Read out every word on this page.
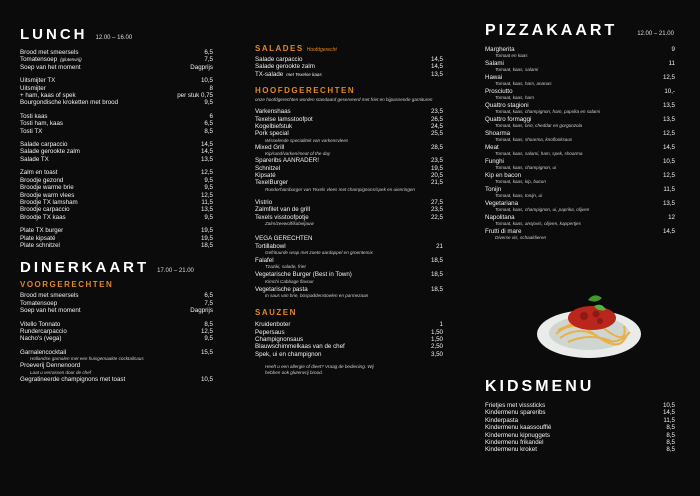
LUNCH 12.00 – 16.00
Brood met smeersels	6,5
Tomatensoep (glutenvrij)	7,5
Soep van het moment	Dagprijs
Uitsmijter TX	10,5
Uitsmijter	8
+ ham, kaas of spek	per stuk 0,75
Bourgondische kroketten met brood	9,5
Tosti kaas	6
Tosti ham, kaas	6,5
Tosti TX	8,5
Salade carpaccio	14,5
Salade gerookte zalm	14,5
Salade TX	13,5
Zalm en toast	12,5
Broodje gezond	9,5
Broodje warme brie	9,5
Broodje warm vlees	12,5
Broodje TX lamsham	11,5
Broodje carpaccio	13,5
Broodje TX kaas	9,5
Plate TX burger	19,5
Plate kipsaté	19,5
Plate schnitzel	18,5
DINERKAART 17.00 – 21.00
VOORGERECHTEN
Brood met smeersels	6,5
Tomatensoep	7,5
Soep van het moment	Dagprijs
Vitello Tonnato	8,5
Rundercarpaccio	12,5
Nacho's (vega)	9,5
Garnalencocktail	15,5
Hollandse garnalen met een huisgemaakte cocktailsaus
Proeverij Dennenoord
Laat u verrassen door de chef
Gegratineerde champignons met toast	10,5
SALADES Hoofdgerecht
Salade carpaccio	14,5
Salade gerookte zalm	14,5
TX-salade met Texelse kaas	13,5
HOOFDGERECHTEN
onze hoofdgerechten worden standaard geserveerd met friet en bijpassende garnituren
Varkenshaas	23,5
Texelse lamsstoofpot	26,5
Kogelbiefstuk	24,5
Pork special	25,5
Wisselende specialiteit van varkensvlees
Mixed Grill	28,5
Kip/rund/varken/meat of the day
Spareribs AANRADER!	23,5
Schnitzel	19,5
Kipsaté	20,5
TexelBurger	21,5
Runderhamburger van Texels vlees met champignons/spek en uienringen
Vistrio	27,5
Zalmfilet van de grill	23,5
Texels visstoofpotje	22,5
Zalm/zeewolf/kabeljauw
VEGA GERECHTEN
Tortillabowl	21
Gefrituurde wrap met zoete aardappel en groentemix
Falafel	18,5
Tzaziki, salade, friet
Vegetarische Burger (Best in Town)	18,5
Kimchi Cabbage flavour
Vegetarische pasta	18,5
In saus van brie, bospaddenstoelen en parmezaan
SAUZEN
Kruidenboter	1
Pepersaus	1,50
Champignonsaus	1,50
Blauwschimmelkaas van de chef	2,50
Spek, ui en champignon	3,50
Heeft u een allergie of dieet? Vraag de bediening. Wij hebben ook glutenvrij brood.
PIZZAKAART	12.00 – 21.00
Margherita	9
Tomaat en kaas
Salami	11
Tomaat, kaas, salami
Hawai	12,5
Tomaat, kaas, ham, ananas
Prosciutto	10,-
Tomaat, kaas, ham
Quattro stagioni	13,5
Tomaat, kaas, champignon, ham, paprika en salami
Quattro formaggi	13,5
Tomaat, kaas, brie, cheddar en gorgonzola
Shoarma	12,5
Tomaat, kaas, shoarma, knoflooksaus
Meat	14,5
Tomaat, kaas, salami, ham, spek, shoarma
Funghi	10,5
Tomaat, kaas, champignon, ui
Kip en bacon	12,5
Tomaat, kaas, kip, bacon
Tonijn	11,5
Tomaat, kaas, tonijn, ui
Vegetariana	13,5
Tomaat, kaas, champignon, ui, paprika, olijven
Napolitana	12
Tomaat, kaas, ansjovis, olijven, kappertjes
Frutti di mare	14,5
Diverse vis, schaaldieren
KIDSMENU
Frietjes met visssticks	10,5
Kindermenu spareribs	14,5
Kinderpasta	11,5
Kindermenu kaassoufflé	8,5
Kindermenu kipnuggets	8,5
Kindermenu frikandel	8,5
Kindermenu kroket	8,5
